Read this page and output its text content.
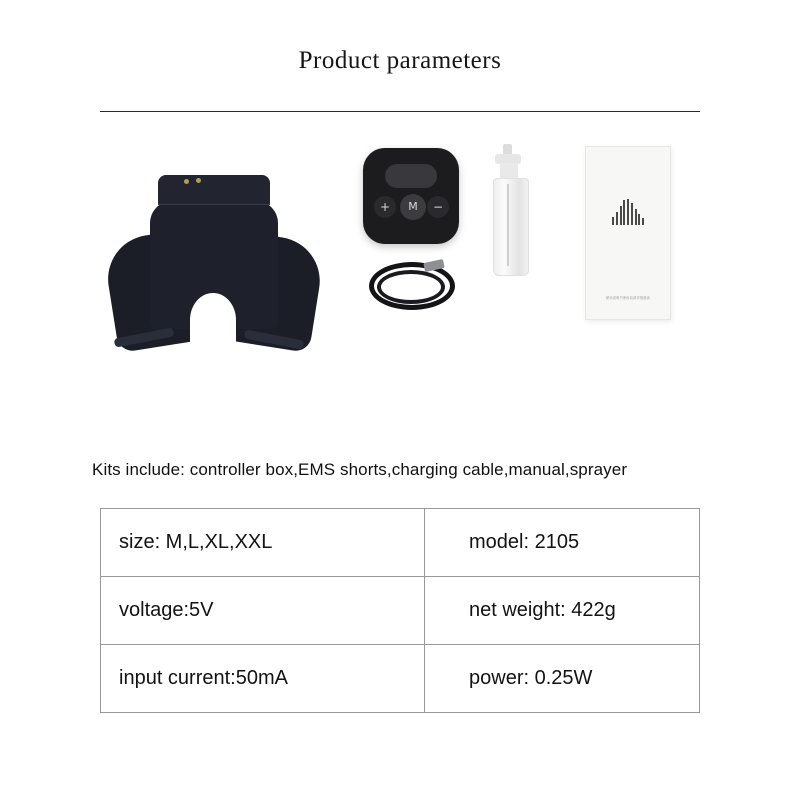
Product parameters
+	M	−
使用说明书使用前请详细阅读
Kits include: controller box,EMS shorts,charging cable,manual,sprayer
size: M,L,XL,XXL	model: 2105
voltage:5V	net weight: 422g
input current:50mA	power: 0.25W
